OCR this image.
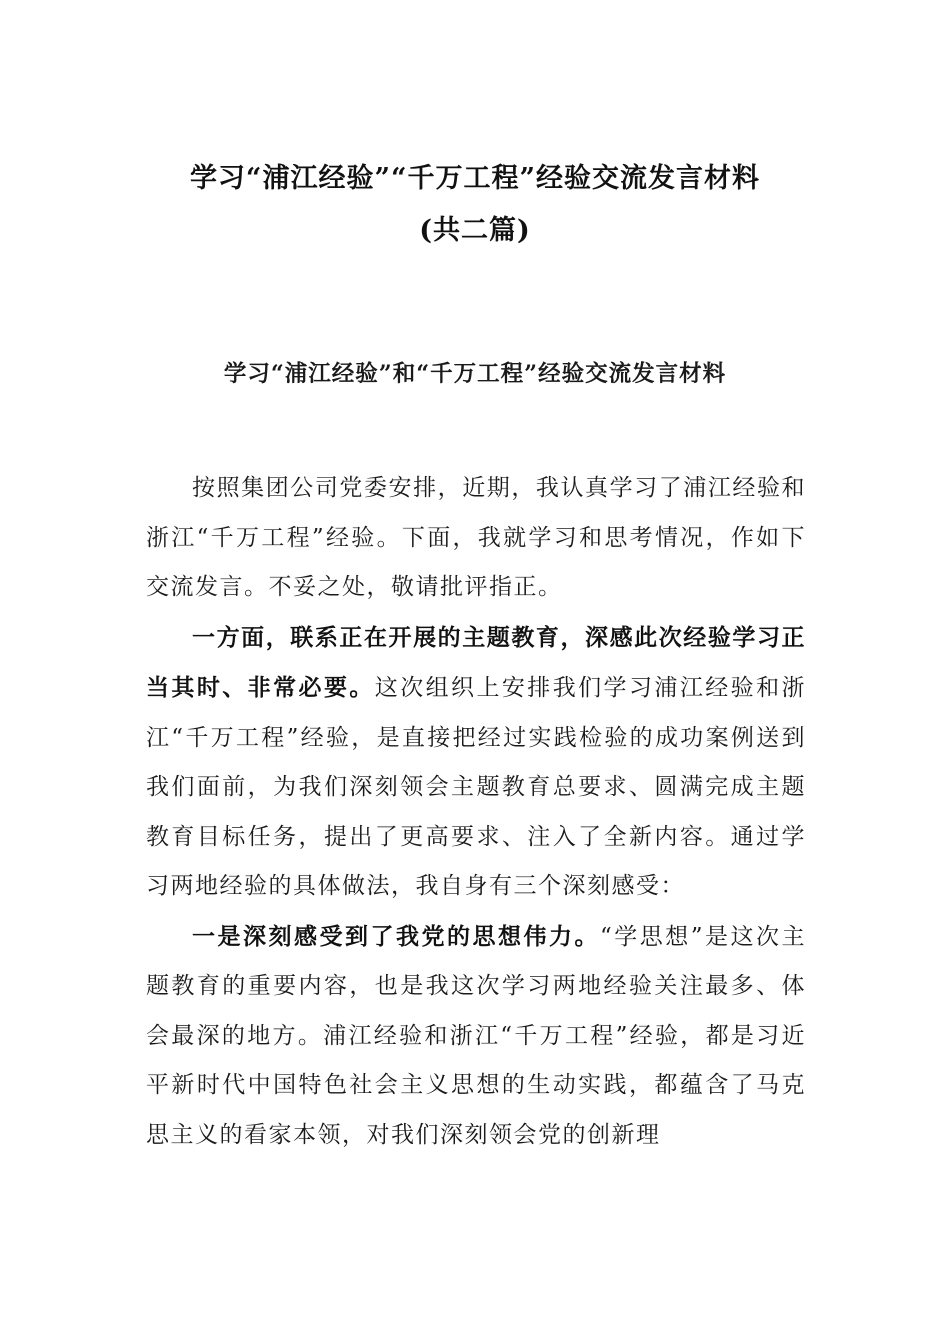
学习“浦江经验”“千万工程”经验交流发言材料
(共二篇)
学习“浦江经验”和“千万工程”经验交流发言材料

按照集团公司党委安排，近期，我认真学习了浦江经验和浙江“千万工程”经验。下面，我就学习和思考情况，作如下交流发言。不妥之处，敬请批评指正。

一方面，联系正在开展的主题教育，深感此次经验学习正当其时、非常必要。这次组织上安排我们学习浦江经验和浙江“千万工程”经验，是直接把经过实践检验的成功案例送到我们面前，为我们深刻领会主题教育总要求、圆满完成主题教育目标任务，提出了更高要求、注入了全新内容。通过学习两地经验的具体做法，我自身有三个深刻感受：

一是深刻感受到了我党的思想伟力。“学思想”是这次主题教育的重要内容，也是我这次学习两地经验关注最多、体会最深的地方。浦江经验和浙江“千万工程”经验，都是习近平新时代中国特色社会主义思想的生动实践，都蕴含了马克思主义的看家本领，对我们深刻领会党的创新理
